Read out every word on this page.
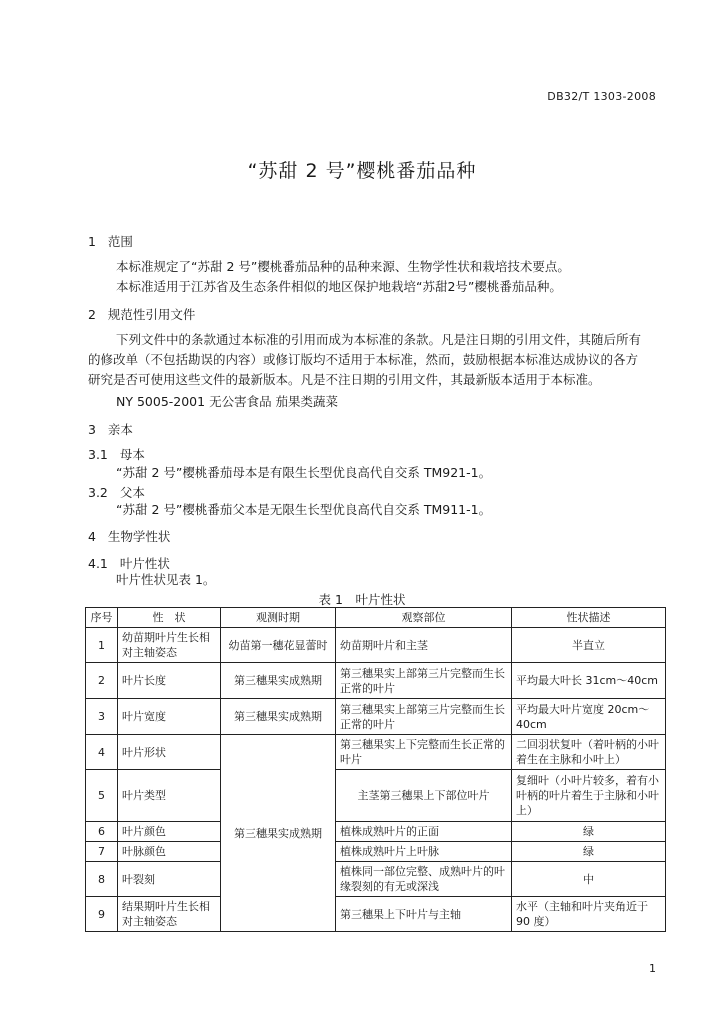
DB32/T 1303-2008
“苏甜 2 号”樱桃番茄品种
1 范围
本标准规定了“苏甜 2 号”樱桃番茄品种的品种来源、生物学性状和栽培技术要点。
本标准适用于江苏省及生态条件相似的地区保护地栽培“苏甜2号”樱桃番茄品种。
2 规范性引用文件
下列文件中的条款通过本标准的引用而成为本标准的条款。凡是注日期的引用文件，其随后所有的修改单（不包括勘误的内容）或修订版均不适用于本标准，然而，鼓励根据本标准达成协议的各方研究是否可使用这些文件的最新版本。凡是不注日期的引用文件，其最新版本适用于本标准。
NY 5005-2001 无公害食品 茄果类蔬菜
3 亲本
3.1 母本
“苏甜 2 号”樱桃番茄母本是有限生长型优良高代自交系 TM921-1。
3.2 父本
“苏甜 2 号”樱桃番茄父本是无限生长型优良高代自交系 TM911-1。
4 生物学性状
4.1 叶片性状
叶片性状见表 1。
表 1　叶片性状
序号	性　状	观测时期	观察部位	性状描述
1	幼苗期叶片生长相对主轴姿态	幼苗第一穗花显蕾时	幼苗期叶片和主茎	半直立
2	叶片长度	第三穗果实成熟期	第三穗果实上部第三片完整而生长正常的叶片	平均最大叶长 31cm～40cm
3	叶片宽度	第三穗果实成熟期	第三穗果实上部第三片完整而生长正常的叶片	平均最大叶片宽度 20cm～40cm
4	叶片形状	第三穗果实成熟期	第三穗果实上下完整而生长正常的叶片	二回羽状复叶（着叶柄的小叶着生在主脉和小叶上）
5	叶片类型		主茎第三穗果上下部位叶片	复细叶（小叶片较多，着有小叶柄的叶片着生于主脉和小叶上）
6	叶片颜色		植株成熟叶片的正面	绿
7	叶脉颜色		植株成熟叶片上叶脉	绿
8	叶裂刻		植株同一部位完整、成熟叶片的叶缘裂刻的有无或深浅	中
9	结果期叶片生长相对主轴姿态		第三穗果上下叶片与主轴	水平（主轴和叶片夹角近于 90 度）
1
